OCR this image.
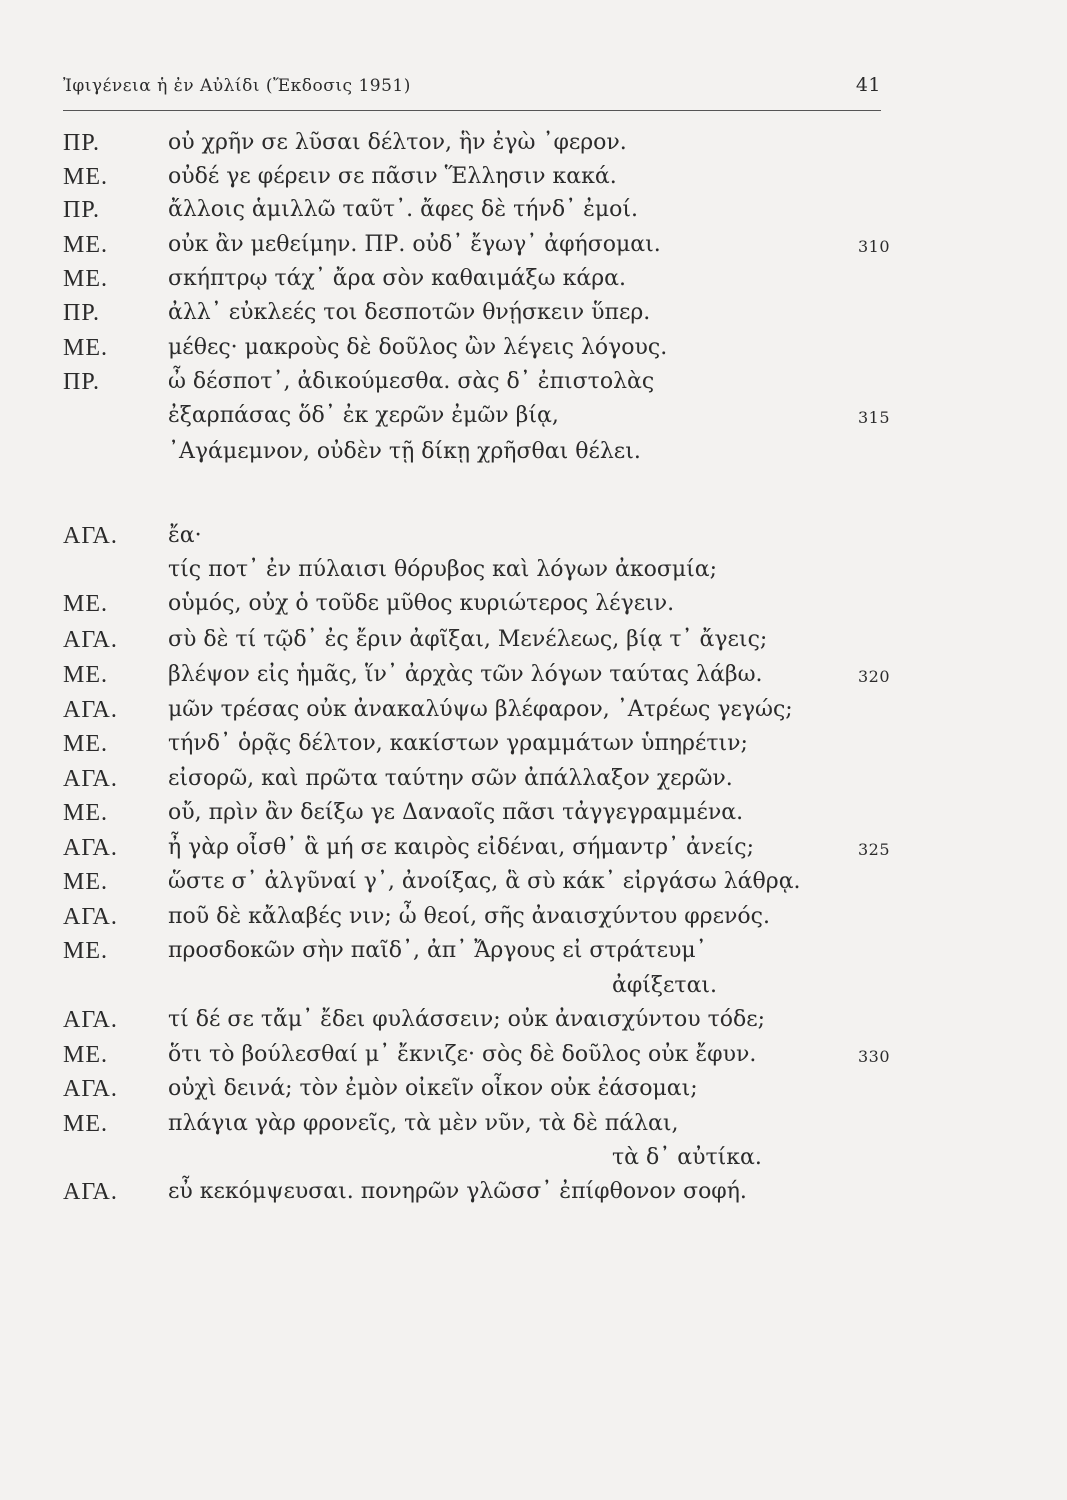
Ἰφιγένεια ἡ ἐν Αὐλίδι (Ἔκδοσις 1951)	41
ΠΡ.	οὐ χρῆν σε λῦσαι δέλτον, ἣν ἐγὼ ᾽φερον.
ΜΕ.	οὐδέ γε φέρειν σε πᾶσιν Ἕλλησιν κακά.
ΠΡ.	ἄλλοις ἁμιλλῶ ταῦτ᾽. ἄφες δὲ τήνδ᾽ ἐμοί.
ΜΕ.	οὐκ ἂν μεθείμην. ΠΡ. οὐδ᾽ ἔγωγ᾽ ἀφήσομαι.	310
ΜΕ.	σκήπτρῳ τάχ᾽ ἄρα σὸν καθαιμάξω κάρα.
ΠΡ.	ἀλλ᾽ εὐκλεές τοι δεσποτῶν θνῄσκειν ὕπερ.
ΜΕ.	μέθες· μακροὺς δὲ δοῦλος ὢν λέγεις λόγους.
ΠΡ.	ὦ δέσποτ᾽, ἀδικούμεσθα. σὰς δ᾽ ἐπιστολὰς
ἐξαρπάσας ὅδ᾽ ἐκ χερῶν ἐμῶν βίᾳ,	315
᾽Αγάμεμνον, οὐδὲν τῇ δίκῃ χρῆσθαι θέλει.
ΑΓΑ. ἔα·
τίς ποτ᾽ ἐν πύλαισι θόρυβος καὶ λόγων ἀκοσμία;
ΜΕ.	οὑμός, οὐχ ὁ τοῦδε μῦθος κυριώτερος λέγειν.
ΑΓΑ. σὺ δὲ τί τῷδ᾽ ἐς ἔριν ἀφῖξαι, Μενέλεως, βίᾳ τ᾽ ἄγεις;
ΜΕ.	βλέψον εἰς ἡμᾶς, ἵν᾽ ἀρχὰς τῶν λόγων ταύτας λάβω.	320
ΑΓΑ. μῶν τρέσας οὐκ ἀνακαλύψω βλέφαρον, ᾽Ατρέως γεγώς;
ΜΕ.	τήνδ᾽ ὁρᾷς δέλτον, κακίστων γραμμάτων ὑπηρέτιν;
ΑΓΑ. εἰσορῶ, καὶ πρῶτα ταύτην σῶν ἀπάλλαξον χερῶν.
ΜΕ.	οὔ, πρὶν ἂν δείξω γε Δαναοῖς πᾶσι τἀγγεγραμμένα.
ΑΓΑ. ἦ γὰρ οἶσθ᾽ ἃ μή σε καιρὸς εἰδέναι, σήμαντρ᾽ ἀνείς;	325
ΜΕ.	ὥστε σ᾽ ἀλγῦναί γ᾽, ἀνοίξας, ἃ σὺ κάκ᾽ εἰργάσω λάθρᾳ.
ΑΓΑ. ποῦ δὲ κἄλαβές νιν; ὦ θεοί, σῆς ἀναισχύντου φρενός.
ΜΕ.	προσδοκῶν σὴν παῖδ᾽, ἀπ᾽ Ἄργους εἰ στράτευμ᾽
ἀφίξεται.
ΑΓΑ. τί δέ σε τἄμ᾽ ἔδει φυλάσσειν; οὐκ ἀναισχύντου τόδε;
ΜΕ.	ὅτι τὸ βούλεσθαί μ᾽ ἔκνιζε· σὸς δὲ δοῦλος οὐκ ἔφυν.	330
ΑΓΑ. οὐχὶ δεινά; τὸν ἐμὸν οἰκεῖν οἶκον οὐκ ἐάσομαι;
ΜΕ.	πλάγια γὰρ φρονεῖς, τὰ μὲν νῦν, τὰ δὲ πάλαι,
τὰ δ᾽ αὐτίκα.
ΑΓΑ. εὖ κεκόμψευσαι. πονηρῶν γλῶσσ᾽ ἐπίφθονον σοφή.
